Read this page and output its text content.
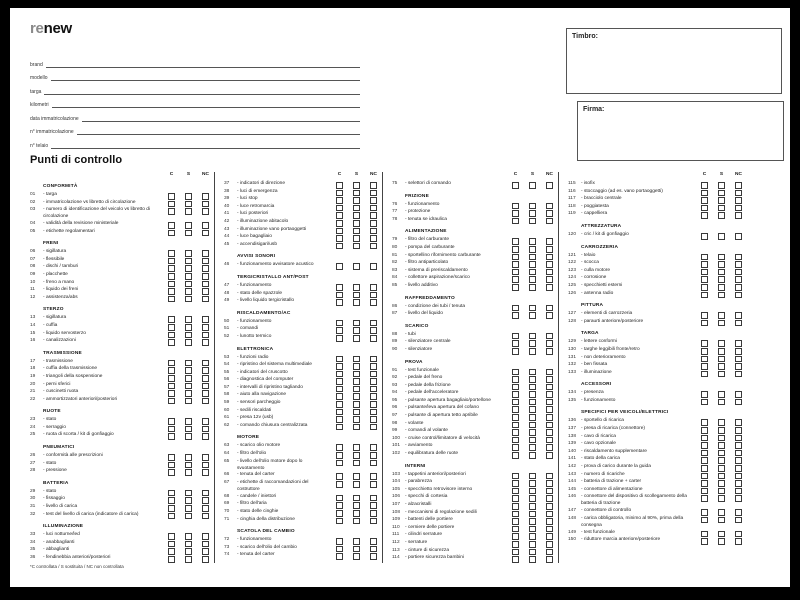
renew
brand
modello
targa
kilometri
data immatricolazione
n° immatricolazione
n° telaio
Timbro:
Firma:
Punti di controllo
C	S	NC
CONFORMITÀ
01	- targa
02	- immatricolazione vs libretto di circolazione
03	- numero di identificazione del veicolo vs libretto di circolazione
04	- validità della revisione ministeriale
05	- etichette regolamentari
FRENI
06	- sigillatura
07	- flessibile
08	- dischi / tamburi
09	- placchette
10	- freno a mano
11	- liquido dei freni
12	- assistenza/abs
STERZO
13	- sigillatura
14	- cuffia
15	- liquido servosterzo
16	- canalizzazioni
TRASMISSIONE
17	- trasmissione
18	- cuffia della trasmissione
19	- triangoli della sospensione
20	- perni sferici
21	- cuscinetti ruota
22	- ammortizzatori anteriori/posteriori
RUOTE
23	- stato
24	- serraggio
25	- ruota di scorta / kit di gonfiaggio
PNEUMATICI
26	- conformità alle prescrizioni
27	- stato
28	- pressione
BATTERIA
29	- stato
30	- fissaggio
31	- livello di carica
32	- test del livello di carica (indicatore di carica)
ILLUMINAZIONE
33	- luci notturne/led
34	- anabbaglianti
35	- abbaglianti
36	- fendinebbia anteriori/posteriori
C	S	NC
37	- indicatori di direzione
38	- luci di emergenza
39	- luci stop
40	- luce retromarcia
41	- luci posteriori
42	- illuminazione abitacolo
43	- illuminazione vano portaoggetti
44	- luce bagagliaio
45	- accendisigari/usb
AVVISI SONORI
46	- funzionamento avvisatore acustico
TERGICRISTALLO ANT/POST
47	- funzionamento
48	- stato delle spazzole
49	- livello liquido tergicristallo
RISCALDAMENTO/AC
50	- funzionamento
51	- comandi
52	- lunotto termico
ELETTRONICA
53	- funzioni radio
54	- ripristino del sistema multimediale
55	- indicatori del cruscotto
56	- diagnostica del computer
57	- intervalli di ripristino tagliando
58	- aiuto alla navigazione
59	- sensori parcheggio
60	- sedili riscaldati
61	- presa 12v (usb)
62	- comando chiusura centralizzata
MOTORE
63	- scarico olio motore
64	- filtro dell'olio
65	- livello dell'olio motore dopo lo svuotamento
66	- tenuta del carter
67	- etichette di raccomandazioni del costruttore
68	- candele / iniettori
69	- filtro dell'aria
70	- stato delle cinghie
71	- cinghia della distribuzione
SCATOLA DEL CAMBIO
72	- funzionamento
73	- scarico dell'olio del cambio
74	- tenuta del carter
C	S	NC
75	- selettori di comando
FRIZIONE
76	- funzionamento
77	- protezione
78	- tenuta se idraulica
ALIMENTAZIONE
79	- filtro del carburante
80	- pompa del carburante
81	- sportellino rifornimento carburante
82	- filtro antiparticolato
83	- sistema di preriscaldamento
84	- collettore aspirazione/scarico
85	- livello additivo
RAFFREDDAMENTO
86	- condizione dei tubi / tenuta
87	- livello del liquido
SCARICO
88	- tubi
89	- silenziatore centrale
90	- silenziatore
PROVA
91	- test funzionale
92	- pedale del freno
93	- pedale della frizione
94	- pedale dell'acceleratore
95	- pulsante apertura bagagliaio/portellone
96	- pulsante/leva apertura del cofano
97	- pulsante di apertura tetto apribile
98	- volante
99	- comandi al volante
100	- cruise control/limitatore di velocità
101	- avviamento
102	- equilibratura delle ruote
INTERNI
103	- tappetini anteriori/posteriori
104	- parabrezza
105	- specchietto retrovisore interno
106	- specchi di cortesia
107	- alzacristalli
108	- meccanismi di regolazione sedili
109	- battenti delle portiere
110	- cerniere delle portiere
111	- cilindri serrature
112	- serrature
113	- cinture di sicurezza
114	- portiere sicurezza bambini
C	S	NC
115	- isofix
116	- stoccaggio (ad es. vano portaoggetti)
117	- bracciolo centrale
118	- poggiatesta
119	- cappelliera
ATTREZZATURA
120	- cric / kit di gonfiaggio
CARROZZERIA
121	- telaio
122	- scocca
123	- culla motore
124	- corrosione
125	- specchietti esterni
126	- antenna radio
PITTURA
127	- elementi di carrozzeria
128	- paraurti anteriore/posteriore
TARGA
129	- lettere conformi
130	- targhe leggibili fronte/retro
131	- non deterioramento
132	- ben fissata
133	- illuminazione
ACCESSORI
134	- presenza
135	- funzionamento
SPECIFICI PER VEICOLI/ELETTRICI
136	- sportello di ricarica
137	- presa di ricarica (connettore)
138	- cavo di ricarica
139	- cavo opzionale
140	- riscaldamento supplementare
141	- stato della carica
142	- prova di carico durante la guida
143	- numero di ricariche
144	- batteria di trazione + carter
145	- connettore di alimentazione
146	- connettore del dispositivo di scollegamento della batteria di trazione
147	- connettore di controllo
148	- carica obbligatoria, minimo al 90%, prima della consegna
149	- test funzionale
150	- riduttore marcia anteriore/posteriore
*C controllata / S sostituita / NC non controllata
